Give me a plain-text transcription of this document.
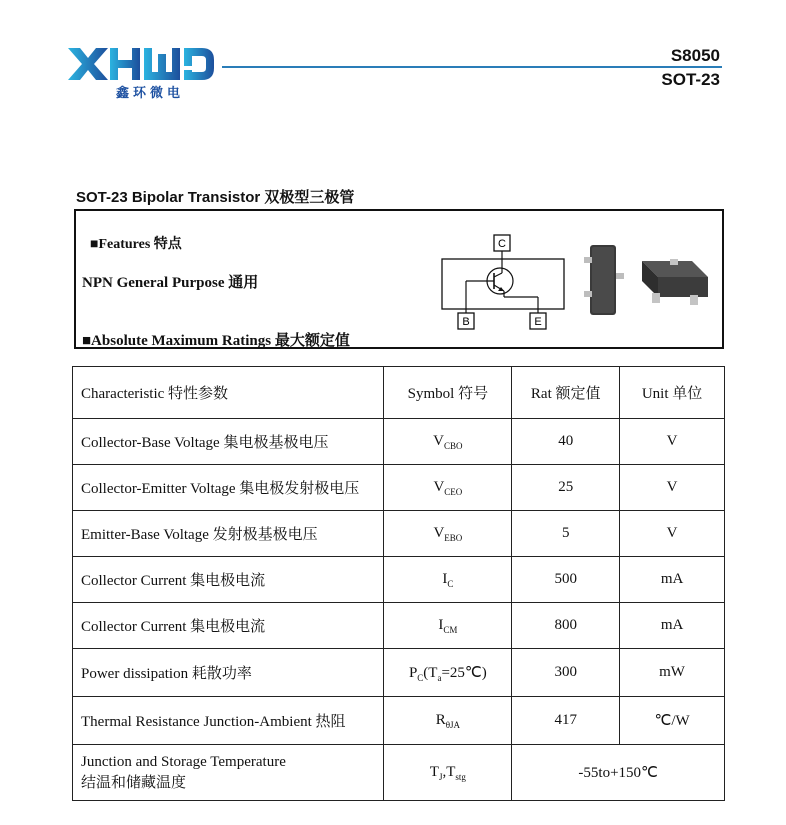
鑫环微电
S8050
SOT-23
SOT-23 Bipolar Transistor 双极型三极管
■Features 特点
NPN General Purpose 通用
■Absolute Maximum Ratings 最大额定值
C
B	E
Characteristic 特性参数	Symbol 符号	Rat 额定值	Unit 单位
Collector-Base Voltage 集电极基极电压	$V_{CBO}$	40	V
Collector-Emitter Voltage 集电极发射极电压	$V_{CEO}$	25	V
Emitter-Base Voltage 发射极基极电压	$V_{EBO}$	5	V
Collector Current 集电极电流	$I_C$	500	mA
Collector Current 集电极电流	$I_{CM}$	800	mA
Power dissipation 耗散功率	$P_C(T_a=25℃)$	300	mW
Thermal Resistance Junction-Ambient 热阻	$R_{\theta JA}$	417	℃/W

Junction and Storage Temperature
结温和储藏温度	$T_J,T_{stg}$	-55to+150℃	
